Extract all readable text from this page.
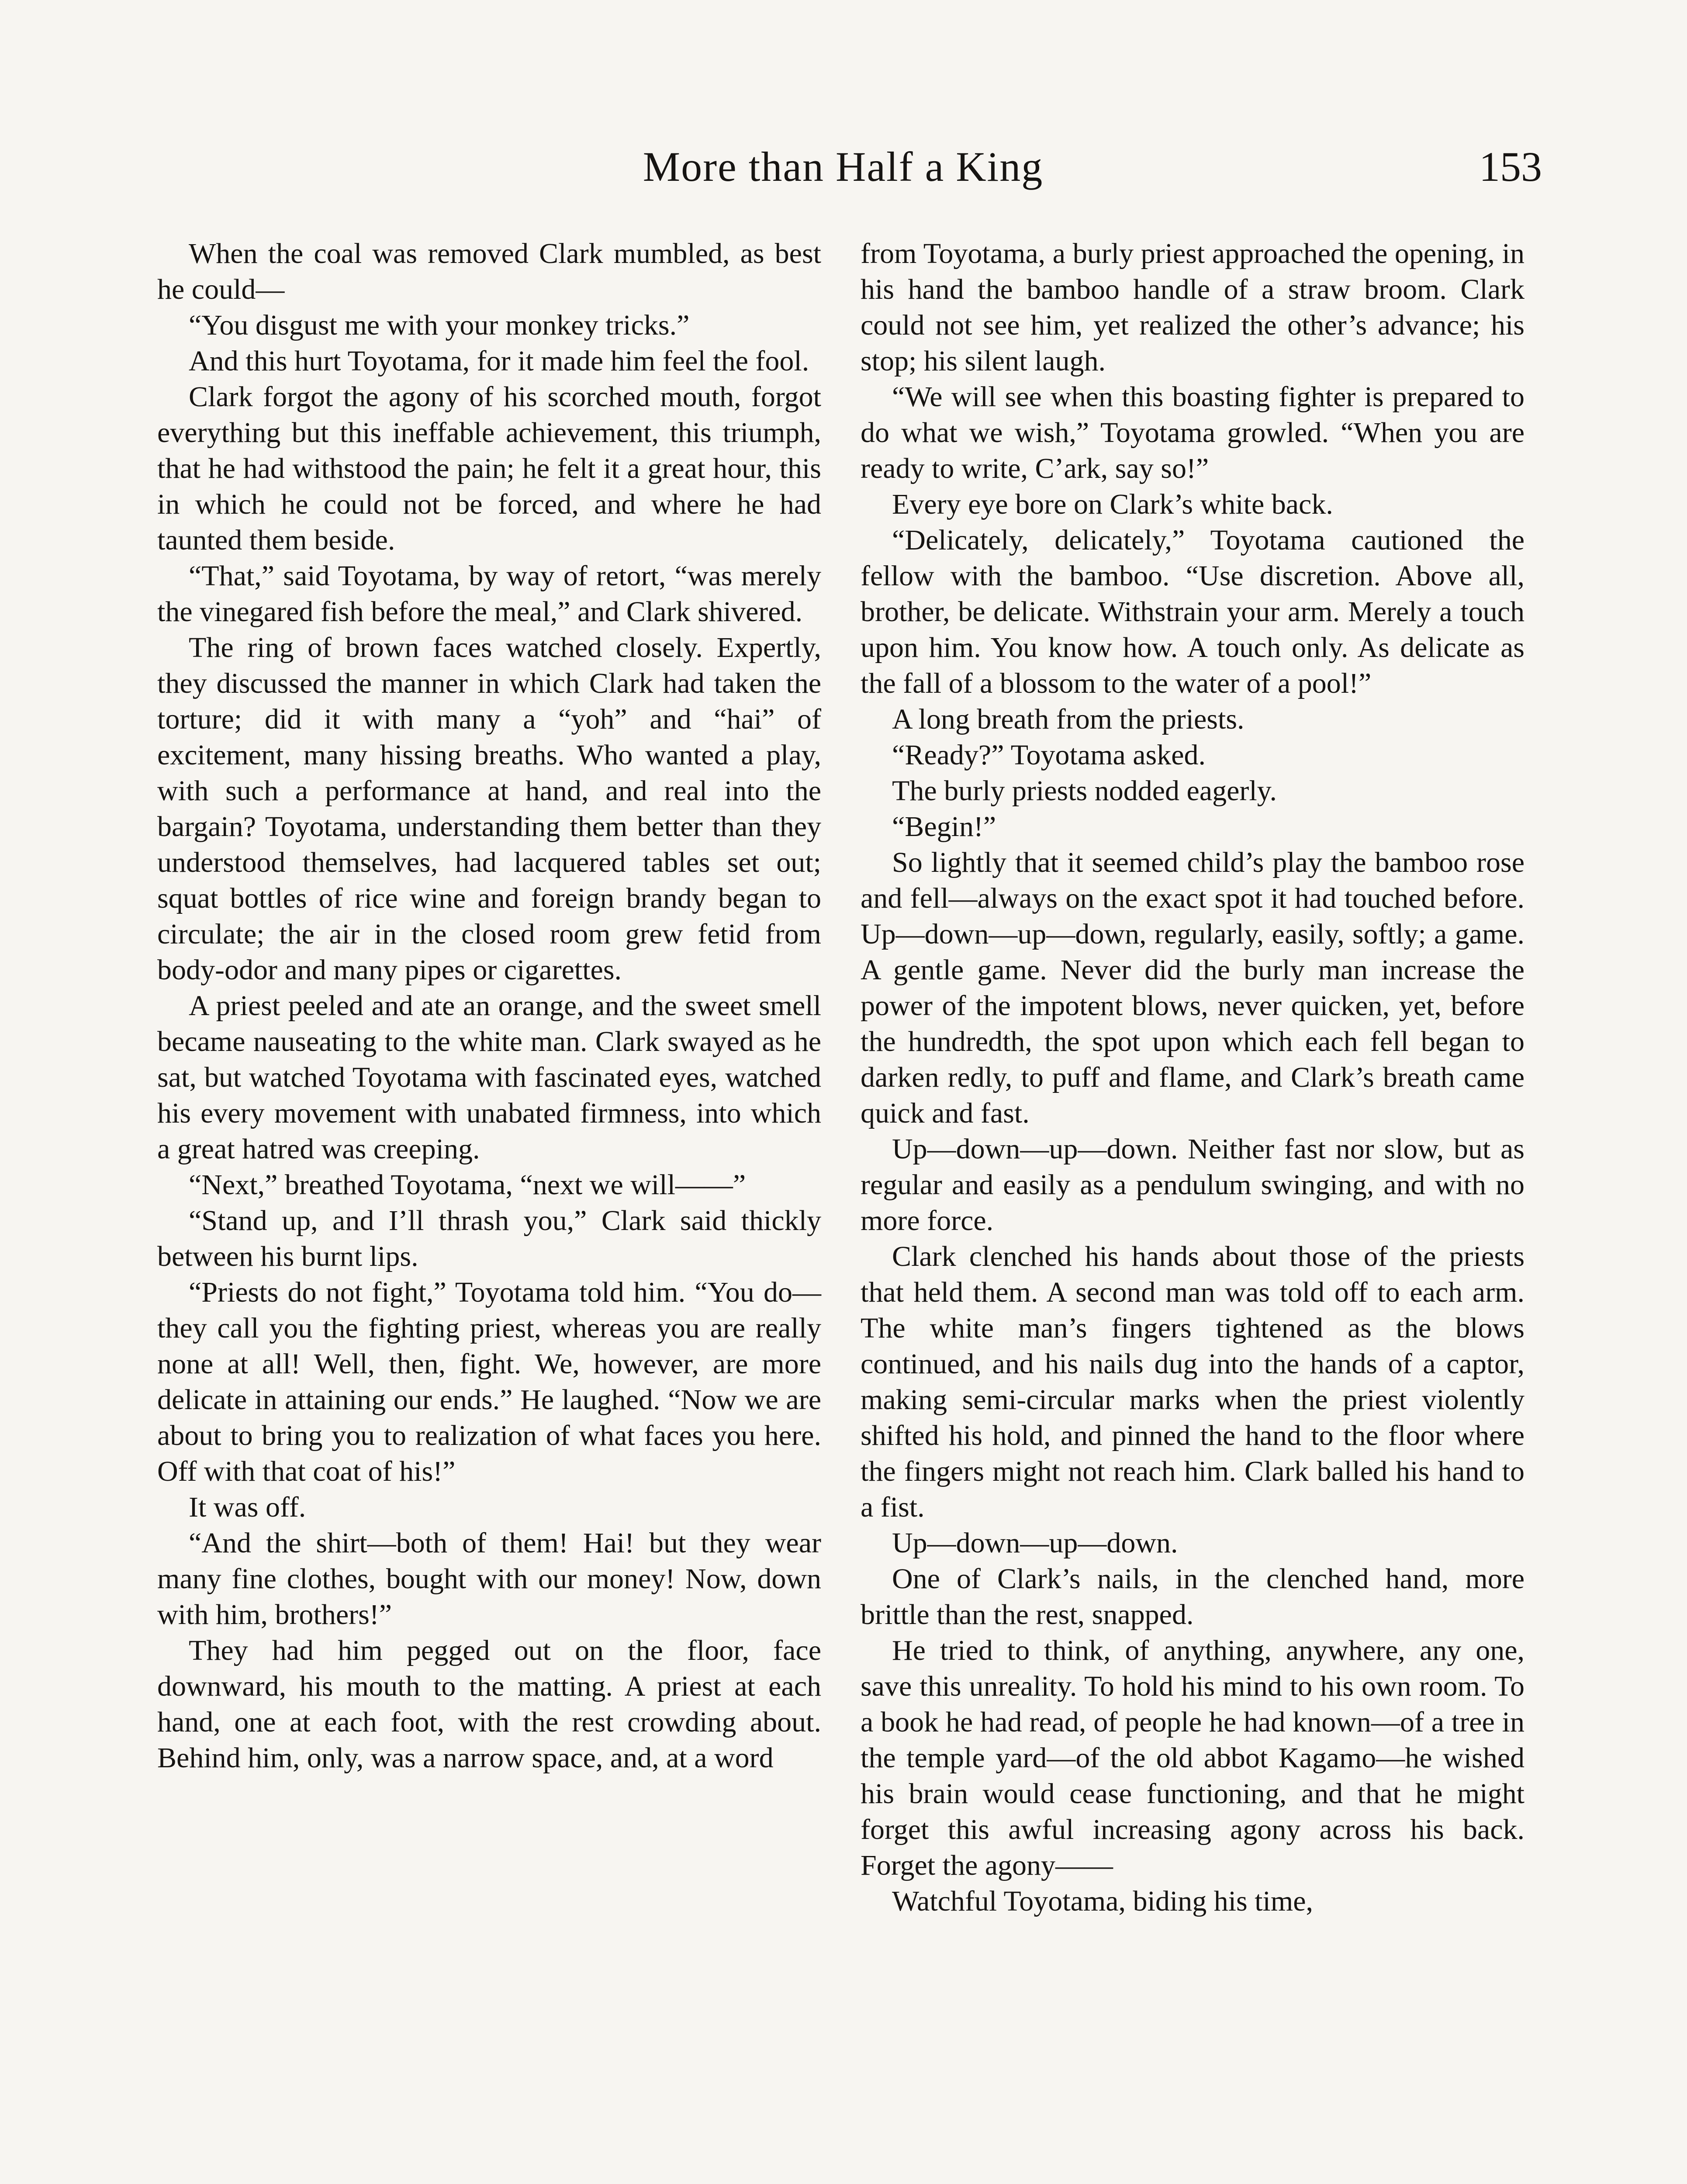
More than Half a King	153

When the coal was removed Clark mumbled, as best he could—

“You disgust me with your monkey tricks.”

And this hurt Toyotama, for it made him feel the fool.

Clark forgot the agony of his scorched mouth, forgot everything but this ineffable achievement, this triumph, that he had withstood the pain; he felt it a great hour, this in which he could not be forced, and where he had taunted them beside.

“That,” said Toyotama, by way of retort, “was merely the vinegared fish before the meal,” and Clark shivered.

The ring of brown faces watched closely. Expertly, they discussed the manner in which Clark had taken the torture; did it with many a “yoh” and “hai” of excitement, many hissing breaths. Who wanted a play, with such a performance at hand, and real into the bargain? Toyotama, understanding them better than they understood themselves, had lacquered tables set out; squat bottles of rice wine and foreign brandy began to circulate; the air in the closed room grew fetid from body-odor and many pipes or cigarettes.

A priest peeled and ate an orange, and the sweet smell became nauseating to the white man. Clark swayed as he sat, but watched Toyotama with fascinated eyes, watched his every movement with unabated firmness, into which a great hatred was creeping.

“Next,” breathed Toyotama, “next we will——”

“Stand up, and I’ll thrash you,” Clark said thickly between his burnt lips.

“Priests do not fight,” Toyotama told him. “You do—they call you the fighting priest, whereas you are really none at all! Well, then, fight. We, however, are more delicate in attaining our ends.” He laughed. “Now we are about to bring you to realization of what faces you here. Off with that coat of his!”

It was off.

“And the shirt—both of them! Hai! but they wear many fine clothes, bought with our money! Now, down with him, brothers!”

They had him pegged out on the floor, face downward, his mouth to the matting. A priest at each hand, one at each foot, with the rest crowding about. Behind him, only, was a narrow space, and, at a word

from Toyotama, a burly priest approached the opening, in his hand the bamboo handle of a straw broom. Clark could not see him, yet realized the other’s advance; his stop; his silent laugh.

“We will see when this boasting fighter is prepared to do what we wish,” Toyotama growled. “When you are ready to write, C’ark, say so!”

Every eye bore on Clark’s white back.

“Delicately, delicately,” Toyotama cautioned the fellow with the bamboo. “Use discretion. Above all, brother, be delicate. Withstrain your arm. Merely a touch upon him. You know how. A touch only. As delicate as the fall of a blossom to the water of a pool!”

A long breath from the priests.

“Ready?” Toyotama asked.

The burly priests nodded eagerly.

“Begin!”

So lightly that it seemed child’s play the bamboo rose and fell—always on the exact spot it had touched before. Up—down—up—down, regularly, easily, softly; a game. A gentle game. Never did the burly man increase the power of the impotent blows, never quicken, yet, before the hundredth, the spot upon which each fell began to darken redly, to puff and flame, and Clark’s breath came quick and fast.

Up—down—up—down. Neither fast nor slow, but as regular and easily as a pendulum swinging, and with no more force.

Clark clenched his hands about those of the priests that held them. A second man was told off to each arm. The white man’s fingers tightened as the blows continued, and his nails dug into the hands of a captor, making semi-circular marks when the priest violently shifted his hold, and pinned the hand to the floor where the fingers might not reach him. Clark balled his hand to a fist.

Up—down—up—down.

One of Clark’s nails, in the clenched hand, more brittle than the rest, snapped.

He tried to think, of anything, anywhere, any one, save this unreality. To hold his mind to his own room. To a book he had read, of people he had known—of a tree in the temple yard—of the old abbot Kagamo—he wished his brain would cease functioning, and that he might forget this awful increasing agony across his back. Forget the agony——

Watchful Toyotama, biding his time,
